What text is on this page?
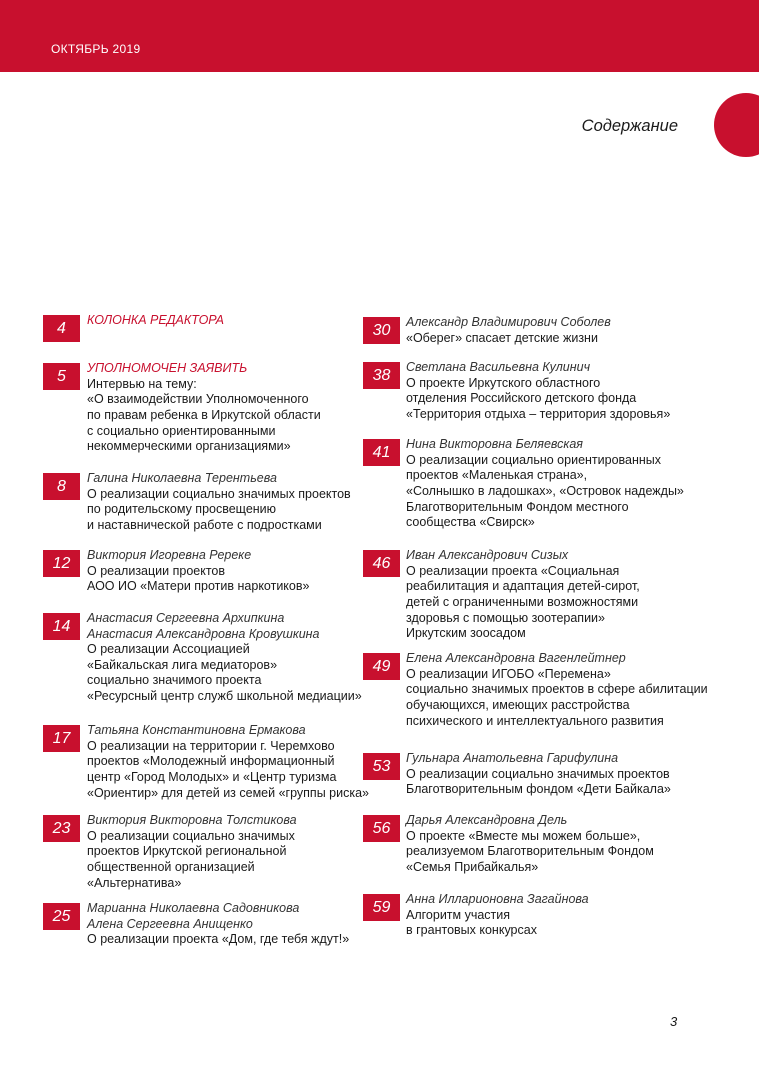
ОКТЯБРЬ 2019
Содержание
4	КОЛОНКА РЕДАКТОРА
5	УПОЛНОМОЧЕН ЗАЯВИТЬ
Интервью на тему:
«О взаимодействии Уполномоченного
по правам ребенка в Иркутской области
с социально ориентированными
некоммерческими организациями»
8	Галина Николаевна Терентьева
О реализации социально значимых проектов
по родительскому просвещению
и наставнической работе с подростками
12	Виктория Игоревна Ререке
О реализации проектов
АОО ИО «Матери против наркотиков»
14	Анастасия Сергеевна Архипкина
Анастасия Александровна Кровушкина
О реализации Ассоциацией
«Байкальская лига медиаторов»
социально значимого проекта
«Ресурсный центр служб школьной медиации»
17	Татьяна Константиновна Ермакова
О реализации на территории г. Черемхово
проектов «Молодежный информационный
центр «Город Молодых» и «Центр туризма
«Ориентир» для детей из семей «группы риска»
23	Виктория Викторовна Толстикова
О реализации социально значимых
проектов Иркутской региональной
общественной организацией
«Альтернатива»
25	Марианна Николаевна Садовникова
Алена Сергеевна Анищенко
О реализации проекта «Дом, где тебя ждут!»
30	Александр Владимирович Соболев
«Оберег» спасает детские жизни
38	Светлана Васильевна Кулинич
О проекте Иркутского областного
отделения Российского детского фонда
«Территория отдыха – территория здоровья»
41	Нина Викторовна Беляевская
О реализации социально ориентированных
проектов «Маленькая страна»,
«Солнышко в ладошках», «Островок надежды»
Благотворительным Фондом местного
сообщества «Свирск»
46	Иван Александрович Сизых
О реализации проекта «Социальная
реабилитация и адаптация детей-сирот,
детей с ограниченными возможностями
здоровья с помощью зоотерапии»
Иркутским зоосадом
49	Елена Александровна Вагенлейтнер
О реализации ИГОБО «Перемена»
социально значимых проектов в сфере абилитации
обучающихся, имеющих расстройства
психического и интеллектуального развития
53	Гульнара Анатольевна Гарифулина
О реализации социально значимых проектов
Благотворительным фондом «Дети Байкала»
56	Дарья Александровна Дель
О проекте «Вместе мы можем больше»,
реализуемом Благотворительным Фондом
«Семья Прибайкалья»
59	Анна Илларионовна Загайнова
Алгоритм участия
в грантовых конкурсах
3
